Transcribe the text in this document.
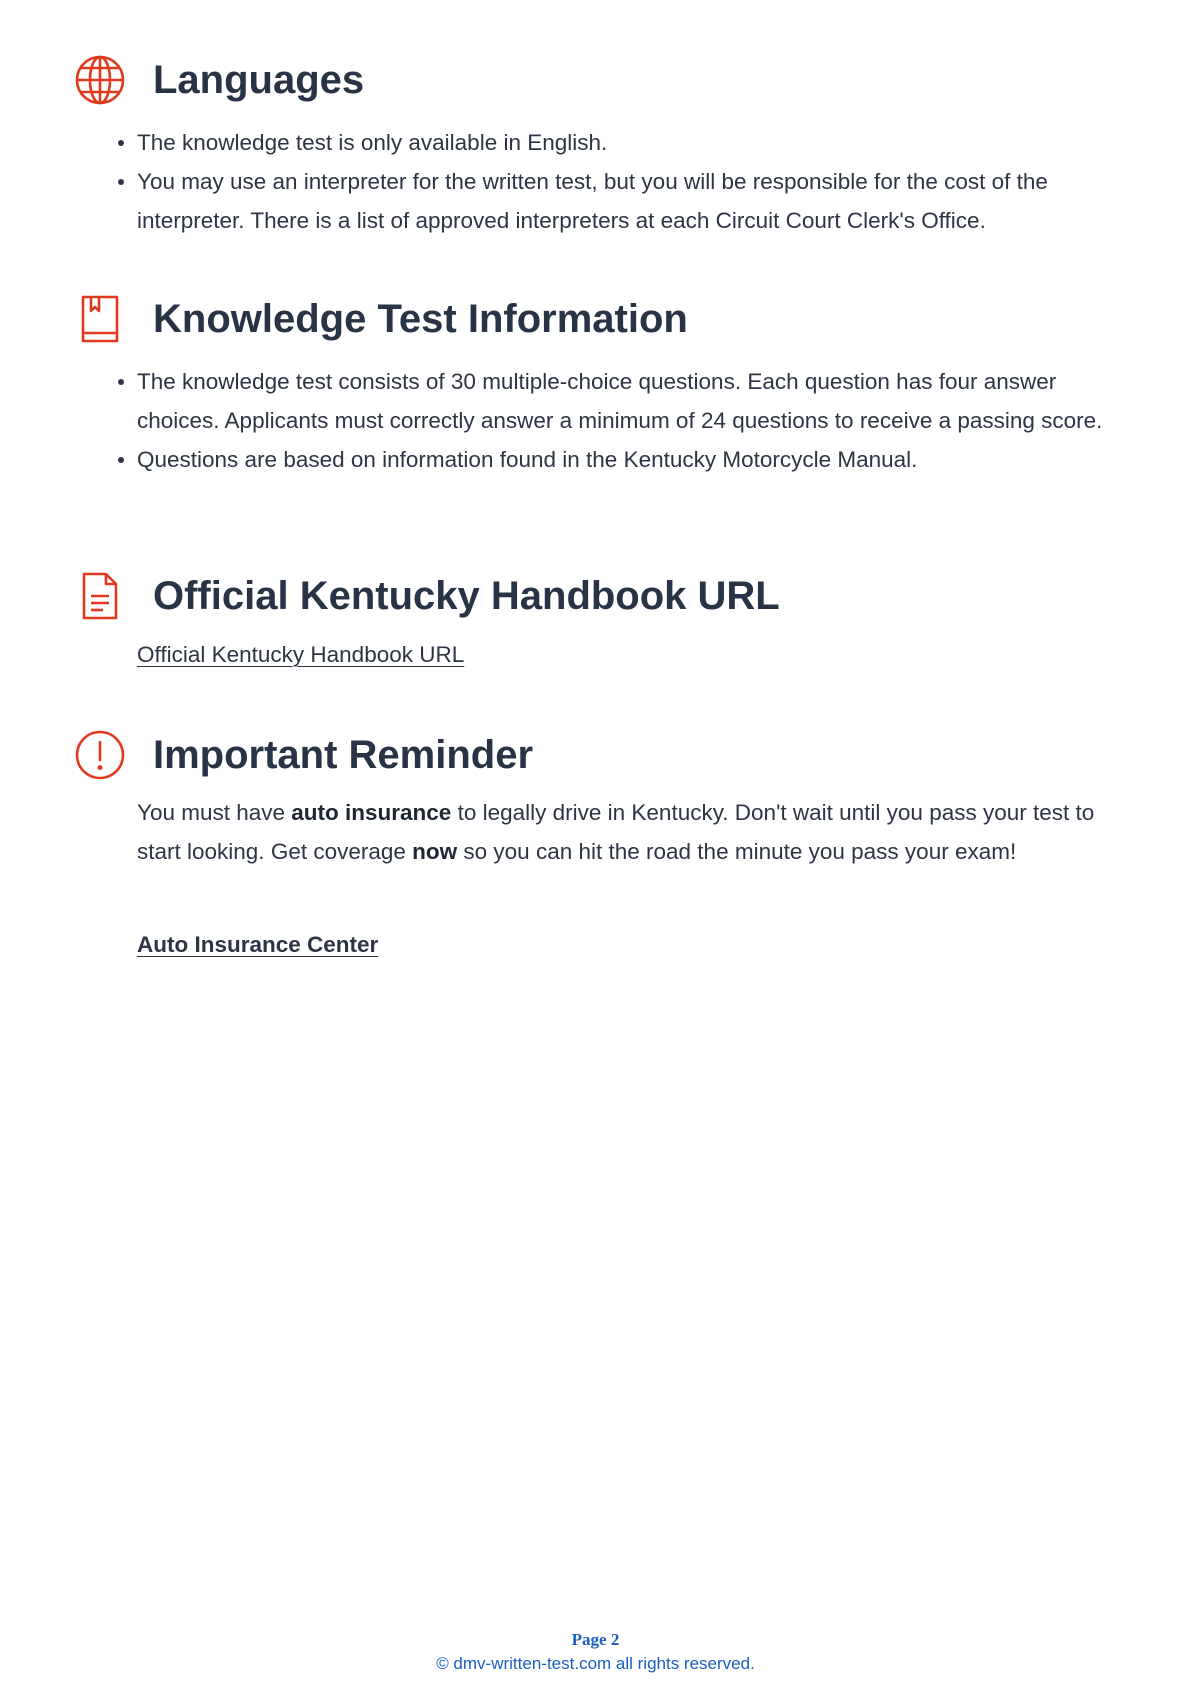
Languages
The knowledge test is only available in English.
You may use an interpreter for the written test, but you will be responsible for the cost of the interpreter. There is a list of approved interpreters at each Circuit Court Clerk's Office.
Knowledge Test Information
The knowledge test consists of 30 multiple-choice questions. Each question has four answer choices. Applicants must correctly answer a minimum of 24 questions to receive a passing score.
Questions are based on information found in the Kentucky Motorcycle Manual.
Official Kentucky Handbook URL

Official Kentucky Handbook URL

Important Reminder

You must have auto insurance to legally drive in Kentucky. Don't wait until you pass your test to start looking. Get coverage now so you can hit the road the minute you pass your exam!

Auto Insurance Center

Page 2
© dmv-written-test.com all rights reserved.
